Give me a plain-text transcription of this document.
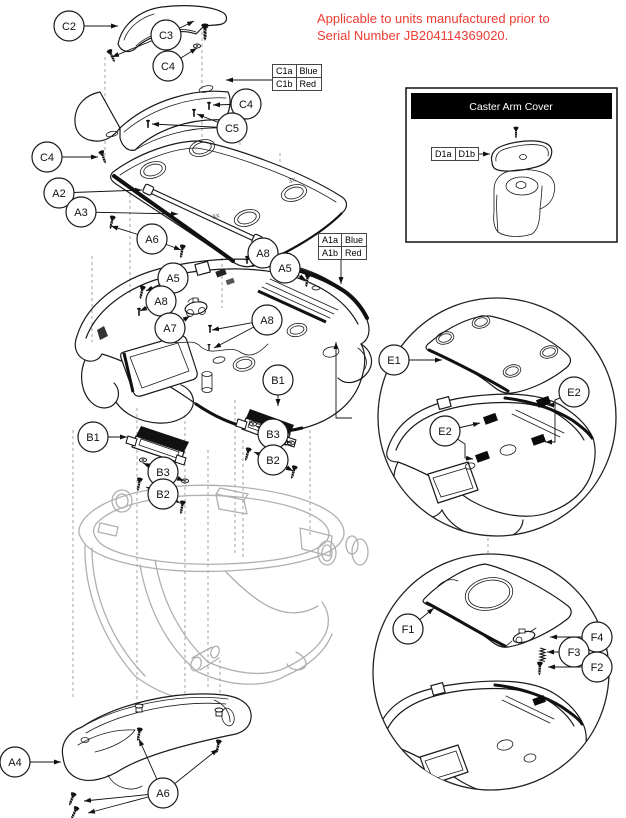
Caster Arm Cover
3X
3X
C2
C3
C4
C4
C5
C4
A2
A3
A6
A8
A5
A5
A8
A7
A8
B1
B1	B3
B2
B3
B2
A4
A6
E1
E2
E2
F1
F4
F3
F2
Applicable to units manufactured prior to
Serial Number JB204114369020.
C1a	Blue
C1b	Red
A1a	Blue
A1b	Red
D1a D1b
